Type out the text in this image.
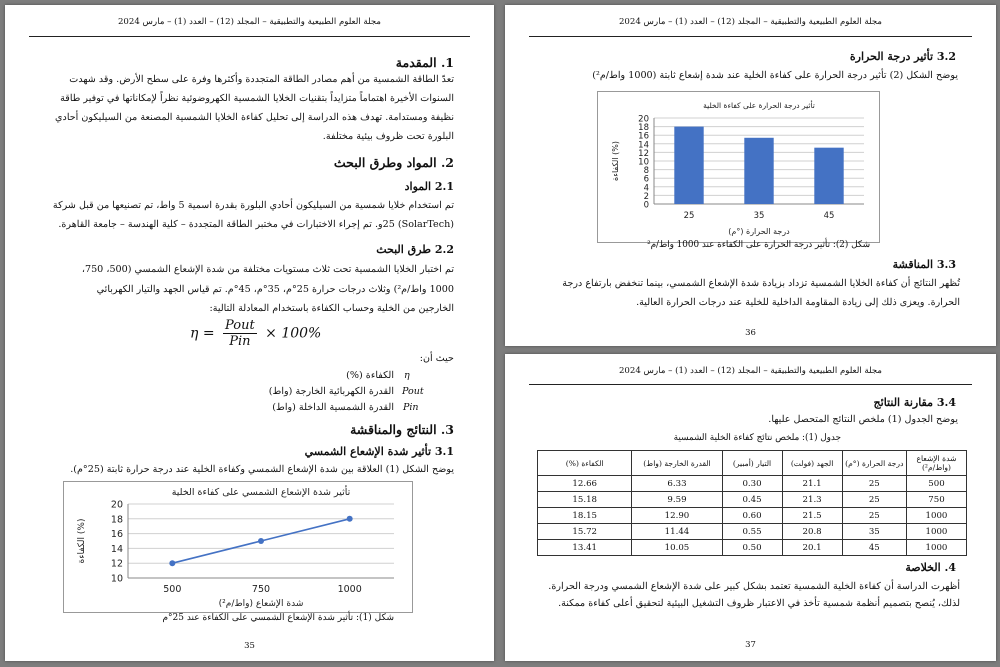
مجلة العلوم الطبيعية والتطبيقية – المجلد (12) – العدد (1) – مارس 2024
1. المقدمة
تعدّ الطاقة الشمسية من أهم مصادر الطاقة المتجددة وأكثرها وفرة على سطح الأرض. وقد شهدت
السنوات الأخيرة اهتماماً متزايداً بتقنيات الخلايا الشمسية الكهروضوئية نظراً لإمكاناتها في توفير طاقة
نظيفة ومستدامة. تهدف هذه الدراسة إلى تحليل كفاءة الخلايا الشمسية المصنعة من السيليكون أحادي
البلورة تحت ظروف بيئية مختلفة.
2. المواد وطرق البحث
2.1 المواد
تم استخدام خلايا شمسية من السيليكون أحادي البلورة بقدرة اسمية 5 واط، تم تصنيعها من قبل شركة
(SolarTech) 25و. تم إجراء الاختبارات في مختبر الطاقة المتجددة – كلية الهندسة – جامعة القاهرة.
2.2 طرق البحث
تم اختبار الخلايا الشمسية تحت ثلاث مستويات مختلفة من شدة الإشعاع الشمسي (500، 750،
1000 واط/م²) وثلاث درجات حرارة 25°م، 35°م، 45°م. تم قياس الجهد والتيار الكهربائي
الخارجين من الخلية وحساب الكفاءة باستخدام المعادلة التالية:
$\eta = \frac{\text{Pout}}{\text{Pin}} \times 100\%$
حيث أن:
الكفاءة (%) η
القدرة الكهربائية الخارجة (واط) Pout
القدرة الشمسية الداخلة (واط) Pin
3. النتائج والمناقشة
3.1 تأثير شدة الإشعاع الشمسي
يوضح الشكل (1) العلاقة بين شدة الإشعاع الشمسي وكفاءة الخلية عند درجة حرارة ثابتة (25°م).
تأثير شدة الإشعاع الشمسي على كفاءة الخلية
10
12
14
16
18
20
500	750	1000
شدة الإشعاع (واط/م²)
الكفاءة (%)
شكل (1): تأثير شدة الإشعاع الشمسي على الكفاءة عند 25°م
35
مجلة العلوم الطبيعية والتطبيقية – المجلد (12) – العدد (1) – مارس 2024
3.2 تأثير درجة الحرارة
يوضح الشكل (2) تأثير درجة الحرارة على كفاءة الخلية عند شدة إشعاع ثابتة (1000 واط/م²)
تأثير درجة الحرارة على كفاءة الخلية
0
2
4
6
8
10
12
14
16
18
20
25	35	45
درجة الحرارة (°م)
الكفاءة (%)
شكل (2): تأثير درجة الحرارة على الكفاءة عند 1000 واط/م²
3.3 المناقشة
تُظهر النتائج أن كفاءة الخلايا الشمسية تزداد بزيادة شدة الإشعاع الشمسي، بينما تنخفض بارتفاع درجة
الحرارة. ويعزى ذلك إلى زيادة المقاومة الداخلية للخلية عند درجات الحرارة العالية.
36
مجلة العلوم الطبيعية والتطبيقية – المجلد (12) – العدد (1) – مارس 2024
3.4 مقارنة النتائج
يوضح الجدول (1) ملخص النتائج المتحصل عليها.
جدول (1): ملخص نتائج كفاءة الخلية الشمسية
شدة الإشعاع (واط/م²)	درجة الحرارة (°م)	الجهد (فولت)	التيار (أمبير)	القدرة الخارجة (واط)	الكفاءة (%)
500	25	21.1	0.30	6.33	12.66
750	25	21.3	0.45	9.59	15.18
1000	25	21.5	0.60	12.90	18.15
1000	35	20.8	0.55	11.44	15.72
1000	45	20.1	0.50	10.05	13.41
4. الخلاصة
أظهرت الدراسة أن كفاءة الخلية الشمسية تعتمد بشكل كبير على شدة الإشعاع الشمسي ودرجة الحرارة.
لذلك، يُنصح بتصميم أنظمة شمسية تأخذ في الاعتبار ظروف التشغيل البيئية لتحقيق أعلى كفاءة ممكنة.
37
